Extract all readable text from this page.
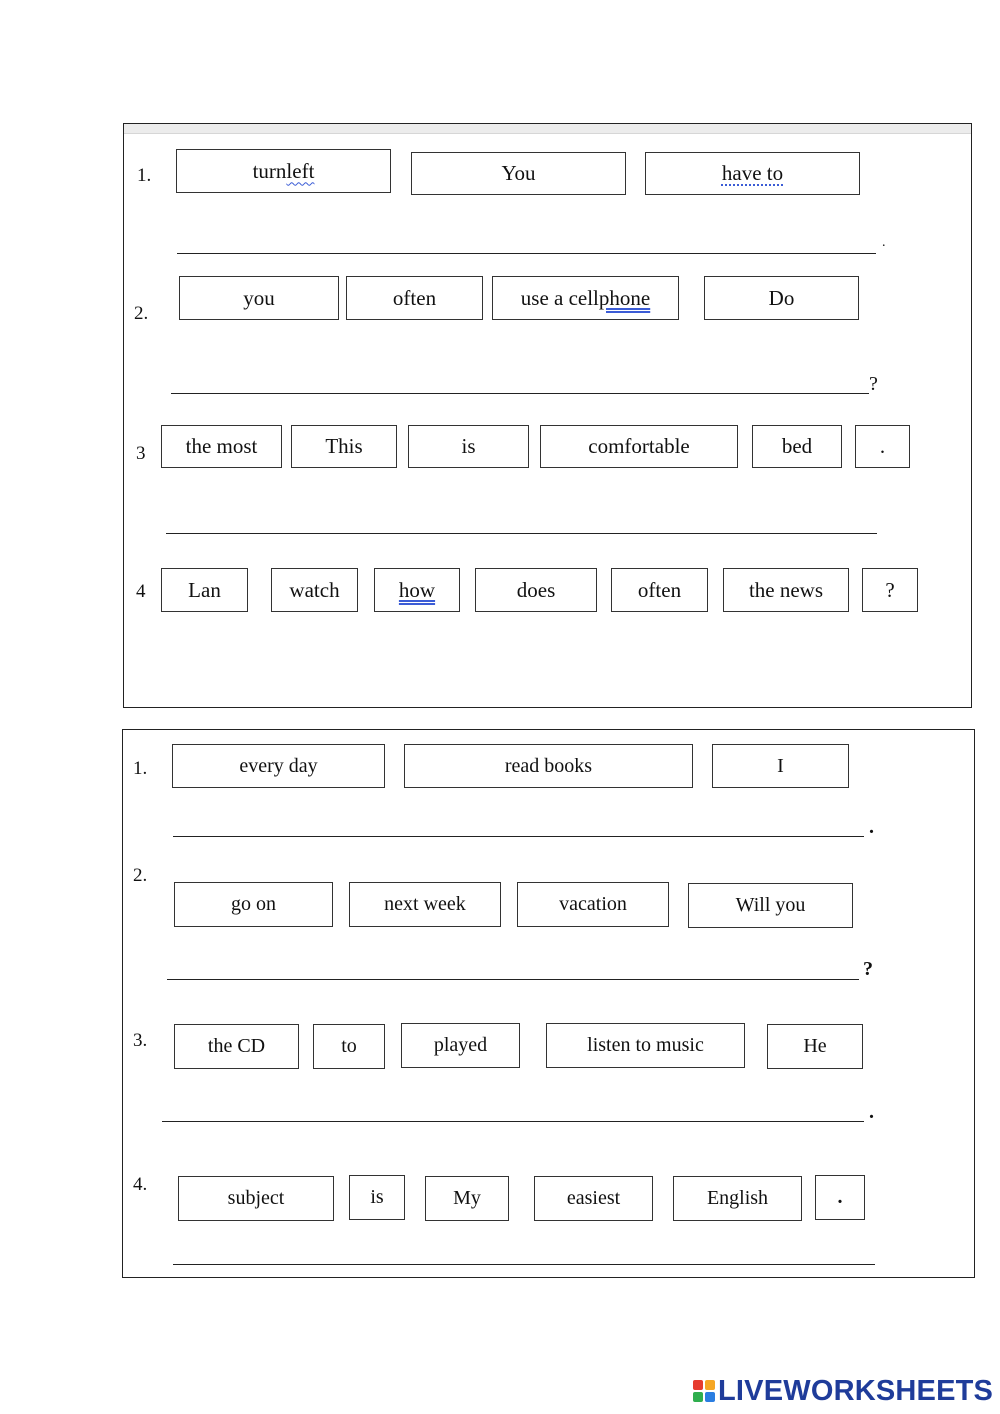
1.	turn left	You	have to
.
2.
you	often	use a cell phone	Do
?
3	the most	This	is	comfortable	bed	.
4	Lan	watch	how	does	often	the news	?
1.	every day	read books	I
.
2.
go on	next week	vacation	Will you
?
3.	the CD	to	played	listen to music	He
.
4.
subject	is	My	easiest	English	.
LIVEWORKSHEETS
